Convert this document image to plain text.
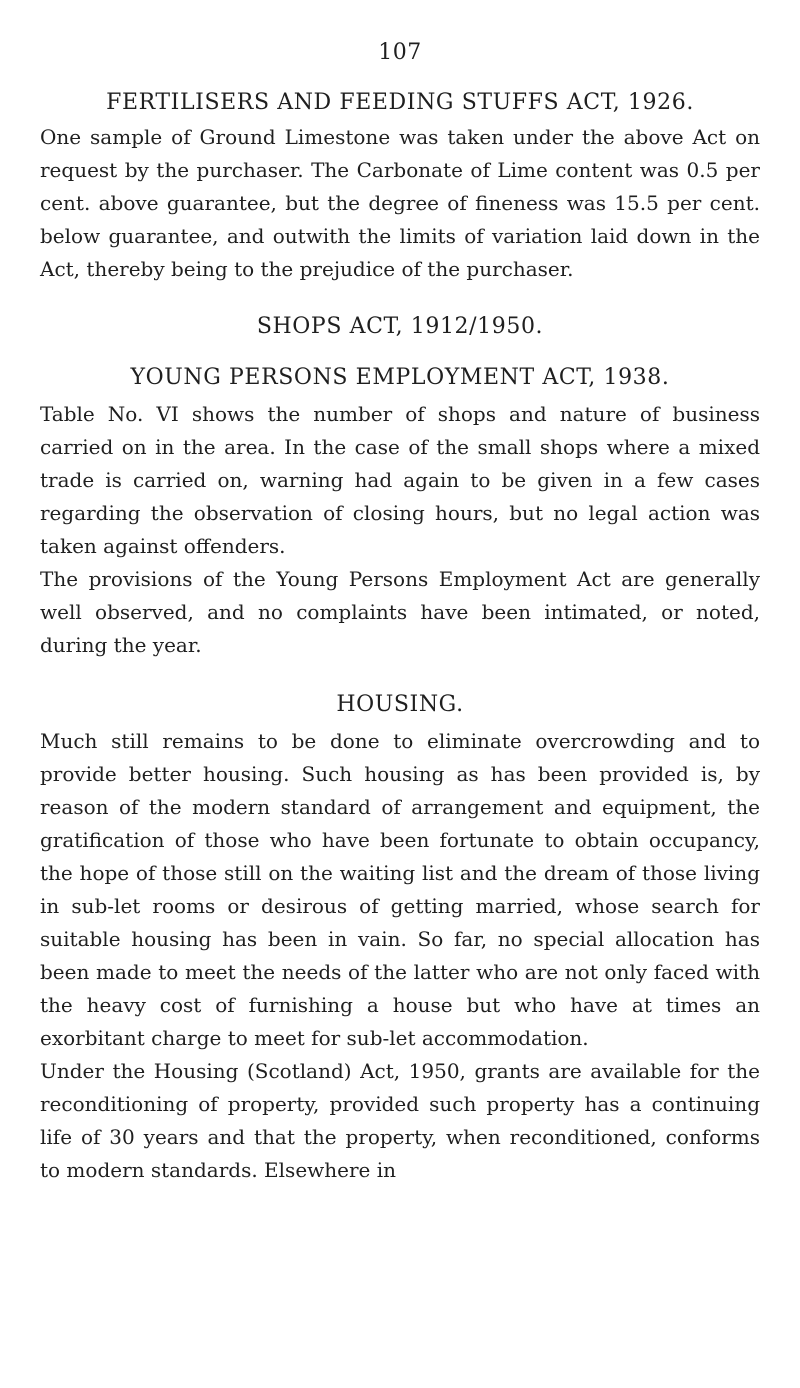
107
FERTILISERS AND FEEDING STUFFS ACT, 1926.

One sample of Ground Limestone was taken under the above Act on request by the purchaser. The Carbonate of Lime content was 0.5 per cent. above guarantee, but the degree of fineness was 15.5 per cent. below guarantee, and outwith the limits of variation laid down in the Act, thereby being to the prejudice of the purchaser.

SHOPS ACT, 1912/1950.
YOUNG PERSONS EMPLOYMENT ACT, 1938.

Table No. VI shows the number of shops and nature of business carried on in the area. In the case of the small shops where a mixed trade is carried on, warning had again to be given in a few cases regarding the observation of closing hours, but no legal action was taken against offenders.

The provisions of the Young Persons Employment Act are generally well observed, and no complaints have been intimated, or noted, during the year.

HOUSING.

Much still remains to be done to eliminate overcrowding and to provide better housing. Such housing as has been provided is, by reason of the modern standard of arrangement and equipment, the gratification of those who have been fortunate to obtain occupancy, the hope of those still on the waiting list and the dream of those living in sub-let rooms or desirous of getting married, whose search for suitable housing has been in vain. So far, no special allocation has been made to meet the needs of the latter who are not only faced with the heavy cost of furnishing a house but who have at times an exorbitant charge to meet for sub-let accommodation.

Under the Housing (Scotland) Act, 1950, grants are available for the reconditioning of property, provided such property has a continuing life of 30 years and that the property, when reconditioned, conforms to modern standards. Elsewhere in
